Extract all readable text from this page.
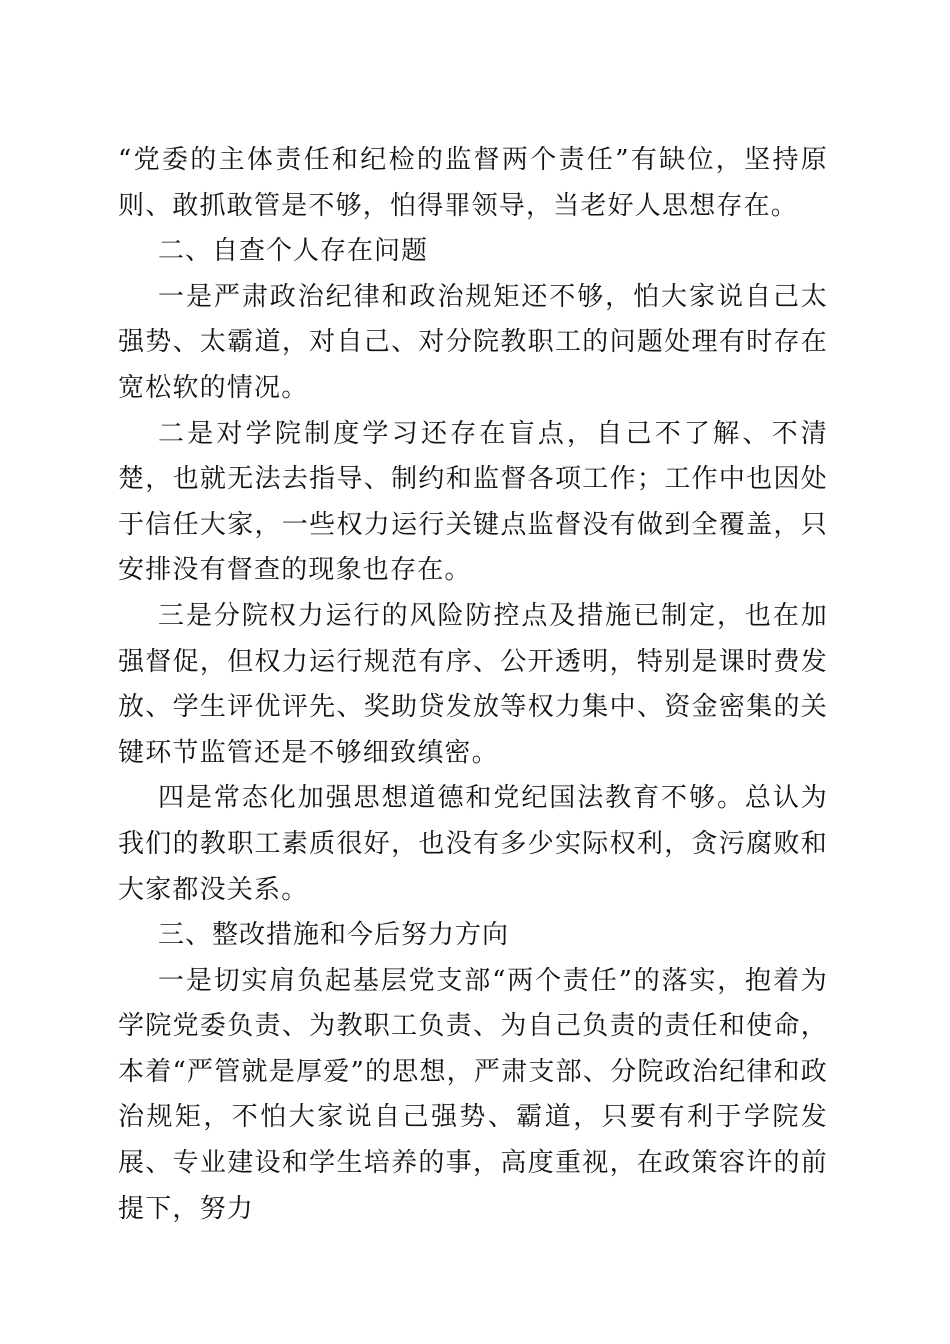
“党委的主体责任和纪检的监督两个责任”有缺位，坚持原则、敢抓敢管是不够，怕得罪领导，当老好人思想存在。

二、自查个人存在问题

一是严肃政治纪律和政治规矩还不够，怕大家说自己太强势、太霸道，对自己、对分院教职工的问题处理有时存在宽松软的情况。

二是对学院制度学习还存在盲点，自己不了解、不清楚，也就无法去指导、制约和监督各项工作；工作中也因处于信任大家，一些权力运行关键点监督没有做到全覆盖，只安排没有督查的现象也存在。

三是分院权力运行的风险防控点及措施已制定，也在加强督促，但权力运行规范有序、公开透明，特别是课时费发放、学生评优评先、奖助贷发放等权力集中、资金密集的关键环节监管还是不够细致缜密。

四是常态化加强思想道德和党纪国法教育不够。总认为我们的教职工素质很好，也没有多少实际权利，贪污腐败和大家都没关系。

三、整改措施和今后努力方向

一是切实肩负起基层党支部“两个责任”的落实，抱着为学院党委负责、为教职工负责、为自己负责的责任和使命，本着“严管就是厚爱”的思想，严肃支部、分院政治纪律和政治规矩，不怕大家说自己强势、霸道，只要有利于学院发展、专业建设和学生培养的事，高度重视，在政策容许的前提下，努力
